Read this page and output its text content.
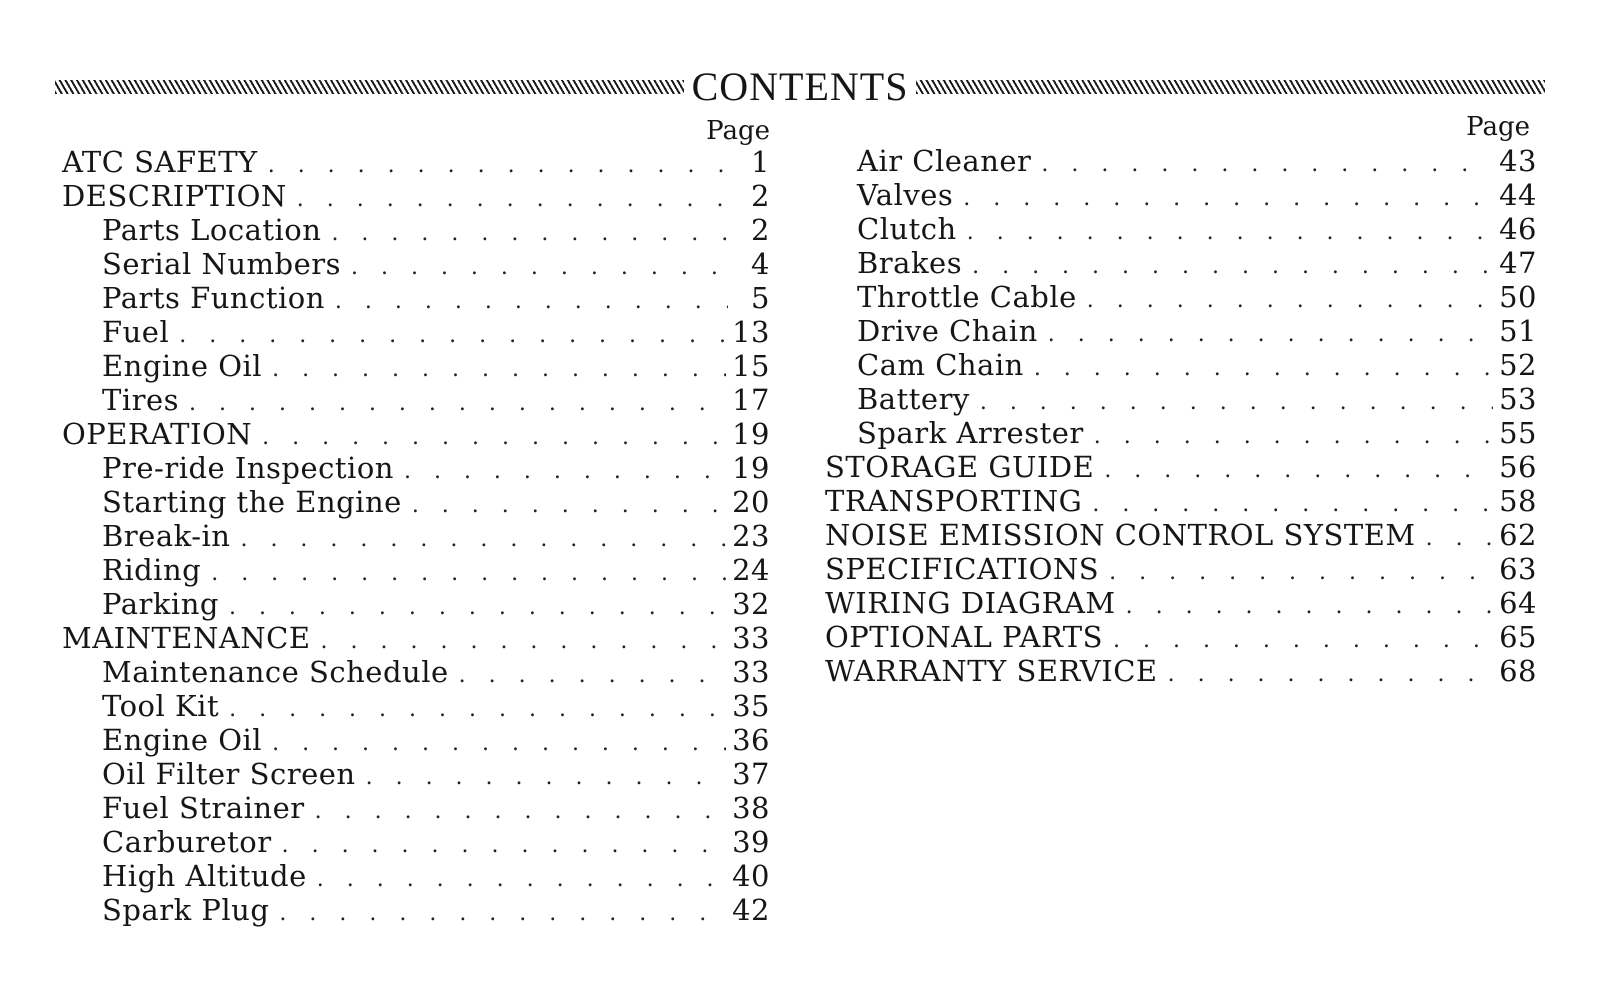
CONTENTS
Page
ATC SAFETY . . .	1
DESCRIPTION . . .	2
Parts Location . . .	2
Serial Numbers . . .	4
Parts Function . . .	5
Fuel . . .	13
Engine Oil . . .	15
Tires . . .	17
OPERATION . . .	19
Pre-ride Inspection . . .	19
Starting the Engine . . .	20
Break-in . . .	23
Riding . . .	24
Parking . . .	32
MAINTENANCE . . .	33
Maintenance Schedule . . .	33
Tool Kit . . .	35
Engine Oil . . .	36
Oil Filter Screen . . .	37
Fuel Strainer . . .	38
Carburetor . . .	39
High Altitude . . .	40
Spark Plug . . .	42
Page
Air Cleaner . . .	43
Valves . . .	44
Clutch . . .	46
Brakes . . .	47
Throttle Cable . . .	50
Drive Chain . . .	51
Cam Chain . . .	52
Battery . . .	53
Spark Arrester . . .	55
STORAGE GUIDE . . .	56
TRANSPORTING . . .	58
NOISE EMISSION CONTROL SYSTEM . . .	62
SPECIFICATIONS . . .	63
WIRING DIAGRAM . . .	64
OPTIONAL PARTS . . .	65
WARRANTY SERVICE . . .	68
